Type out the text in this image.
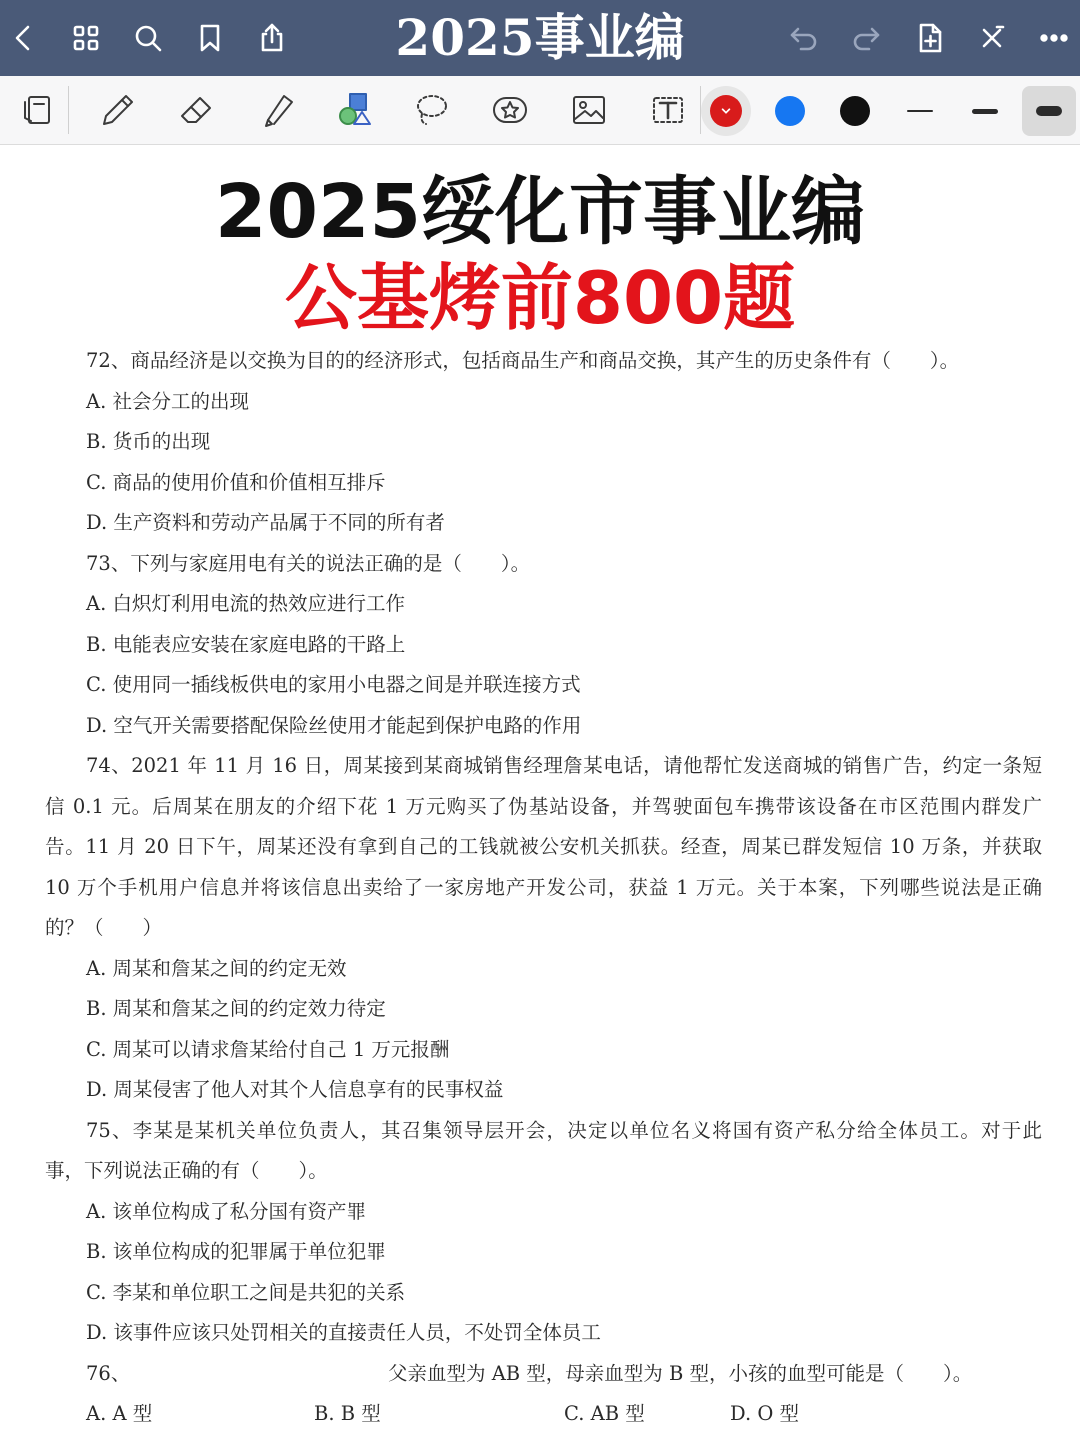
2025事业编
2025绥化市事业编
公基烤前800题
72、商品经济是以交换为目的的经济形式，包括商品生产和商品交换，其产生的历史条件有（　　）。
A. 社会分工的出现
B. 货币的出现
C. 商品的使用价值和价值相互排斥
D. 生产资料和劳动产品属于不同的所有者
73、下列与家庭用电有关的说法正确的是（　　）。
A. 白炽灯利用电流的热效应进行工作
B. 电能表应安装在家庭电路的干路上
C. 使用同一插线板供电的家用小电器之间是并联连接方式
D. 空气开关需要搭配保险丝使用才能起到保护电路的作用
74、2021 年 11 月 16 日，周某接到某商城销售经理詹某电话，请他帮忙发送商城的销售广告，约定一条短
信 0.1 元。后周某在朋友的介绍下花 1 万元购买了伪基站设备，并驾驶面包车携带该设备在市区范围内群发广
告。11 月 20 日下午，周某还没有拿到自己的工钱就被公安机关抓获。经查，周某已群发短信 10 万条，并获取
10 万个手机用户信息并将该信息出卖给了一家房地产开发公司，获益 1 万元。关于本案，下列哪些说法是正确
的？（　　）
A. 周某和詹某之间的约定无效
B. 周某和詹某之间的约定效力待定
C. 周某可以请求詹某给付自己 1 万元报酬
D. 周某侵害了他人对其个人信息享有的民事权益
75、李某是某机关单位负责人，其召集领导层开会，决定以单位名义将国有资产私分给全体员工。对于此
事，下列说法正确的有（　　）。
A. 该单位构成了私分国有资产罪
B. 该单位构成的犯罪属于单位犯罪
C. 李某和单位职工之间是共犯的关系
D. 该事件应该只处罚相关的直接责任人员，不处罚全体员工
76、	父亲血型为 AB 型，母亲血型为 B 型，小孩的血型可能是（　　）。
A. A 型	B. B 型	C. AB 型	D. O 型
